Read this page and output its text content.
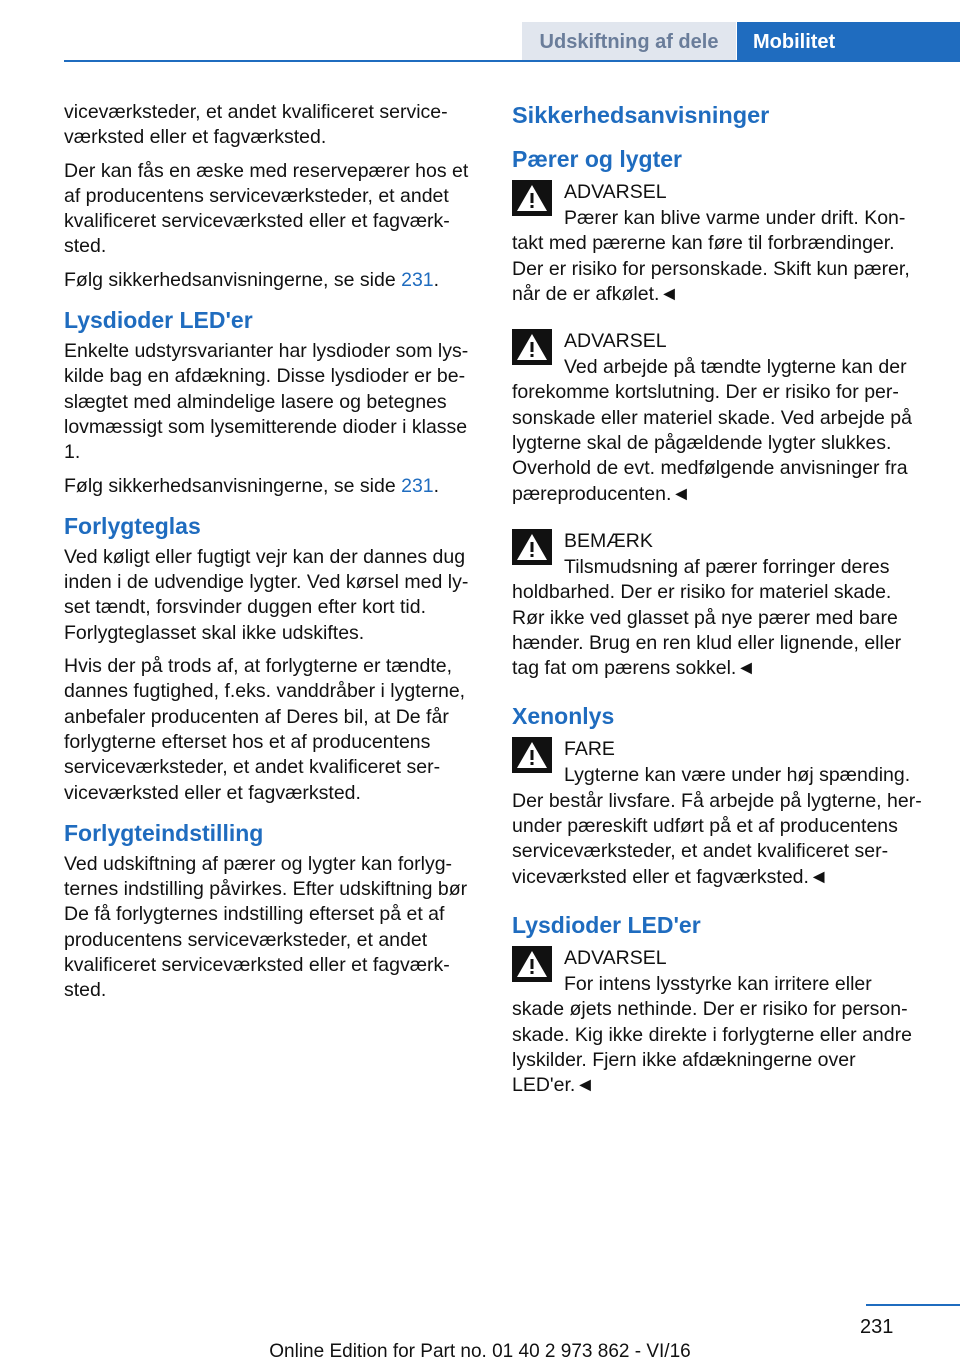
Udskiftning af dele	Mobilitet

viceværksteder, et andet kvalificeret serviceværksted eller et fagværksted.

Der kan fås en æske med reservepærer hos et af producentens serviceværksteder, et andet kvalificeret serviceværksted eller et fagværksted.

Følg sikkerhedsanvisningerne, se side 231.

Lysdioder LED'er

Enkelte udstyrsvarianter har lysdioder som lyskilde bag en afdækning. Disse lysdioder er beslægtet med almindelige lasere og betegnes lovmæssigt som lysemitterende dioder i klasse 1.

Følg sikkerhedsanvisningerne, se side 231.

Forlygteglas

Ved køligt eller fugtigt vejr kan der dannes dug inden i de udvendige lygter. Ved kørsel med lyset tændt, forsvinder duggen efter kort tid. Forlygteglasset skal ikke udskiftes.

Hvis der på trods af, at forlygterne er tændte, dannes fugtighed, f.eks. vanddråber i lygterne, anbefaler producenten af Deres bil, at De får forlygterne efterset hos et af producentens serviceværksteder, et andet kvalificeret serviceværksted eller et fagværksted.

Forlygteindstilling

Ved udskiftning af pærer og lygter kan forlygternes indstilling påvirkes. Efter udskiftning bør De få forlygternes indstilling efterset på et af producentens serviceværksteder, et andet kvalificeret serviceværksted eller et fagværksted.

Sikkerhedsanvisninger
Pærer og lygter
ADVARSEL

Pærer kan blive varme under drift. Kontakt med pærerne kan føre til forbrændinger. Der er risiko for personskade. Skift kun pærer, når de er afkølet.◄

ADVARSEL

Ved arbejde på tændte lygterne kan der forekomme kortslutning. Der er risiko for personskade eller materiel skade. Ved arbejde på lygterne skal de pågældende lygter slukkes. Overhold de evt. medfølgende anvisninger fra pæreproducenten.◄

BEMÆRK

Tilsmudsning af pærer forringer deres holdbarhed. Der er risiko for materiel skade. Rør ikke ved glasset på nye pærer med bare hænder. Brug en ren klud eller lignende, eller tag fat om pærens sokkel.◄

Xenonlys
FARE

Lygterne kan være under høj spænding. Der består livsfare. Få arbejde på lygterne, herunder pæreskift udført på et af producentens serviceværksteder, et andet kvalificeret serviceværksted eller et fagværksted.◄

Lysdioder LED'er
ADVARSEL

For intens lysstyrke kan irritere eller skade øjets nethinde. Der er risiko for personskade. Kig ikke direkte i forlygterne eller andre lyskilder. Fjern ikke afdækningerne over LED'er.◄

231
Online Edition for Part no. 01 40 2 973 862 - VI/16
